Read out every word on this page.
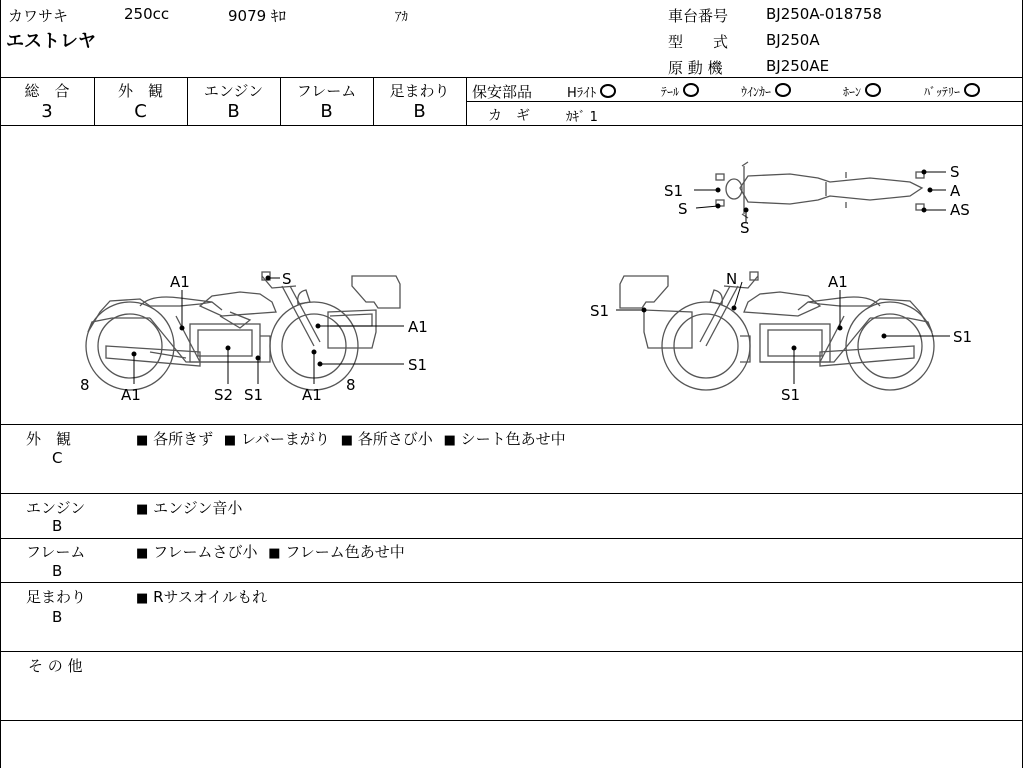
カワサキ	250cc	9079 ｷﾛ	ｱｶ
エストレヤ
車台番号	BJ250A-018758
型　　式	BJ250A
原 動 機	BJ250AE
総　合
3
外　観
C
エンジン
B
フレーム
B
足まわり
B
保安部品	Hﾗｲﾄ	ﾃｰﾙ	ｳｲﾝｶｰ	ﾎｰﾝ	ﾊﾞｯﾃﾘｰ
カ　ギ	ｶｷﾞ 1
A1	S
A1
S1
8
A1	S2 S1	A1
8
N	A1
S1
S1
S1
S
A
AS
S1
S
S
外　観
C
■ 各所きず ■ レバーまがり ■ 各所さび小 ■ シート色あせ中
エンジン
B
■ エンジン音小
フレーム
B
■ フレームさび小 ■ フレーム色あせ中
足まわり
B
■ Rサスオイルもれ
そ の 他
